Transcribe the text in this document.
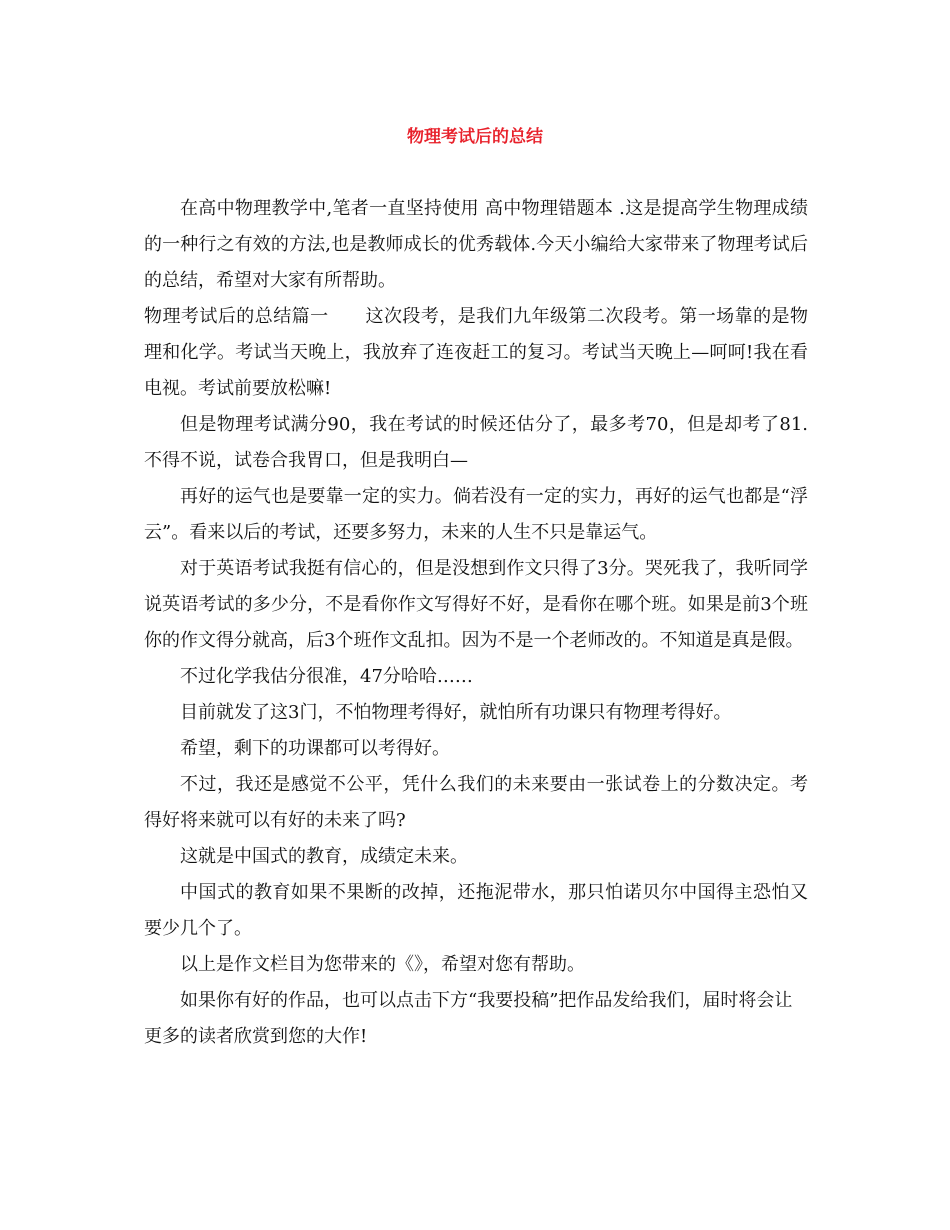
物理考试后的总结

在高中物理教学中,笔者一直坚持使用 高中物理错题本 .这是提高学生物理成绩的一种行之有效的方法,也是教师成长的优秀载体.今天小编给大家带来了物理考试后的总结，希望对大家有所帮助。

物理考试后的总结篇一　　这次段考，是我们九年级第二次段考。第一场靠的是物理和化学。考试当天晚上，我放弃了连夜赶工的复习。考试当天晚上—呵呵!我在看电视。考试前要放松嘛!

但是物理考试满分90，我在考试的时候还估分了，最多考70，但是却考了81.不得不说，试卷合我胃口，但是我明白—

再好的运气也是要靠一定的实力。倘若没有一定的实力，再好的运气也都是“浮云”。看来以后的考试，还要多努力，未来的人生不只是靠运气。

对于英语考试我挺有信心的，但是没想到作文只得了3分。哭死我了，我听同学说英语考试的多少分，不是看你作文写得好不好，是看你在哪个班。如果是前3个班你的作文得分就高，后3个班作文乱扣。因为不是一个老师改的。不知道是真是假。

不过化学我估分很准，47分哈哈……

目前就发了这3门，不怕物理考得好，就怕所有功课只有物理考得好。

希望，剩下的功课都可以考得好。

不过，我还是感觉不公平，凭什么我们的未来要由一张试卷上的分数决定。考得好将来就可以有好的未来了吗?

这就是中国式的教育，成绩定未来。

中国式的教育如果不果断的改掉，还拖泥带水，那只怕诺贝尔中国得主恐怕又要少几个了。

以上是作文栏目为您带来的《》，希望对您有帮助。

如果你有好的作品，也可以点击下方“我要投稿”把作品发给我们，届时将会让更多的读者欣赏到您的大作!
